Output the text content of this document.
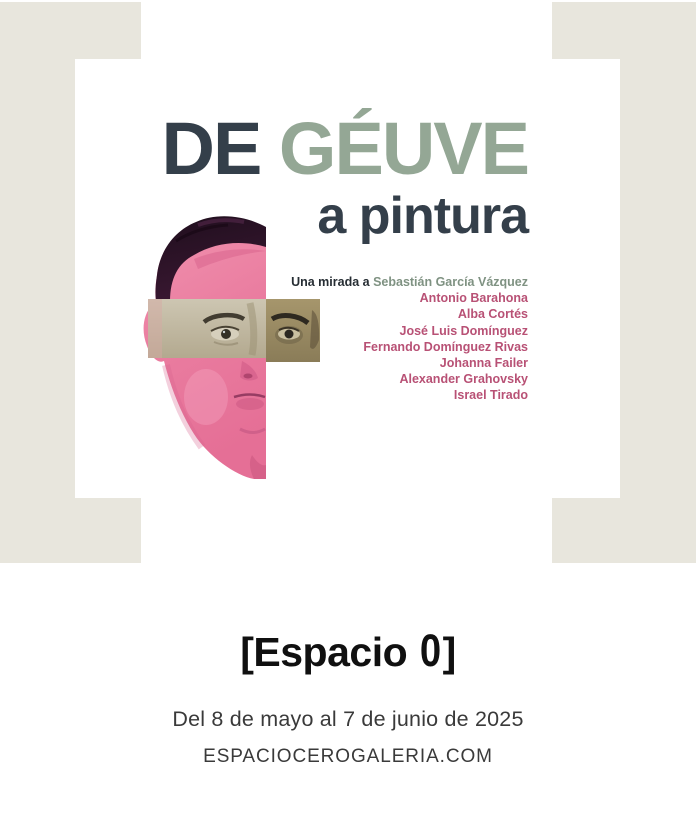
DE GÉUVE
a pintura
Una mirada a Sebastián García Vázquez
Antonio Barahona
Alba Cortés
José Luis Domínguez
Fernando Domínguez Rivas
Johanna Failer
Alexander Grahovsky
Israel Tirado
[Espacio 0]
Del 8 de mayo al 7 de junio de 2025
ESPACIOCEROGALERIA.COM
